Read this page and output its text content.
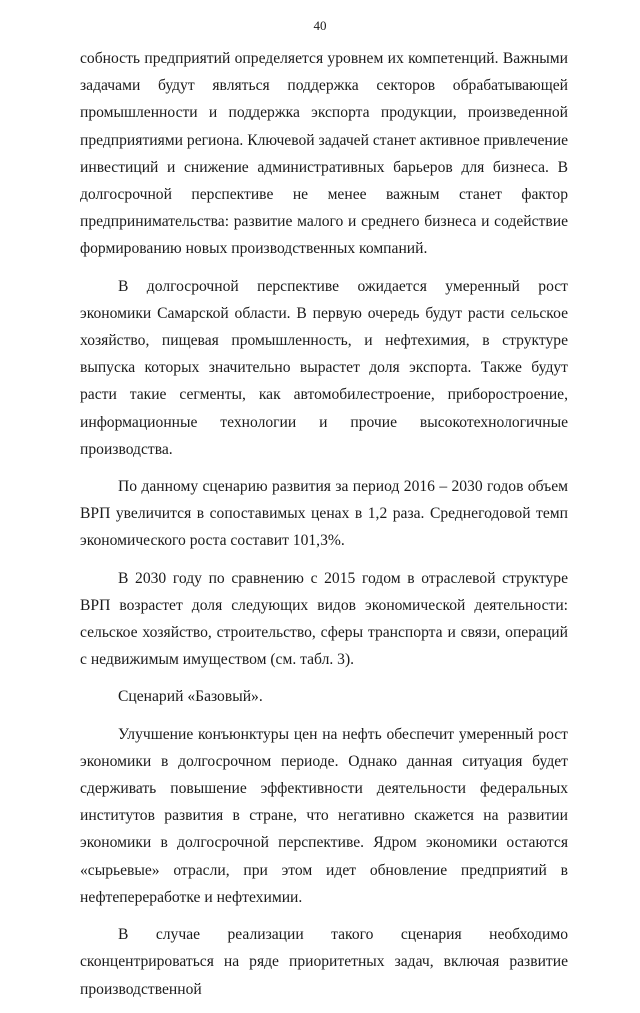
40

собность предприятий определяется уровнем их компетенций. Важными задачами будут являться поддержка секторов обрабатывающей промышленности и поддержка экспорта продукции, произведенной предприятиями региона. Ключевой задачей станет активное привлечение инвестиций и снижение административных барьеров для бизнеса. В долгосрочной перспективе не менее важным станет фактор предпринимательства: развитие малого и среднего бизнеса и содействие формированию новых производственных компаний.

В долгосрочной перспективе ожидается умеренный рост экономики Самарской области. В первую очередь будут расти сельское хозяйство, пищевая промышленность, и нефтехимия, в структуре выпуска которых значительно вырастет доля экспорта. Также будут расти такие сегменты, как автомобилестроение, приборостроение, информационные технологии и прочие высокотехнологичные производства.

По данному сценарию развития за период 2016 – 2030 годов объем ВРП увеличится в сопоставимых ценах в 1,2 раза. Среднегодовой темп экономического роста составит 101,3%.

В 2030 году по сравнению с 2015 годом в отраслевой структуре ВРП возрастет доля следующих видов экономической деятельности: сельское хозяйство, строительство, сферы транспорта и связи, операций с недвижимым имуществом (см. табл. 3).

Сценарий «Базовый».

Улучшение конъюнктуры цен на нефть обеспечит умеренный рост экономики в долгосрочном периоде. Однако данная ситуация будет сдерживать повышение эффективности деятельности федеральных институтов развития в стране, что негативно скажется на развитии экономики в долгосрочной перспективе. Ядром экономики остаются «сырьевые» отрасли, при этом идет обновление предприятий в нефтепереработке и нефтехимии.

В случае реализации такого сценария необходимо сконцентрироваться на ряде приоритетных задач, включая развитие производственной
